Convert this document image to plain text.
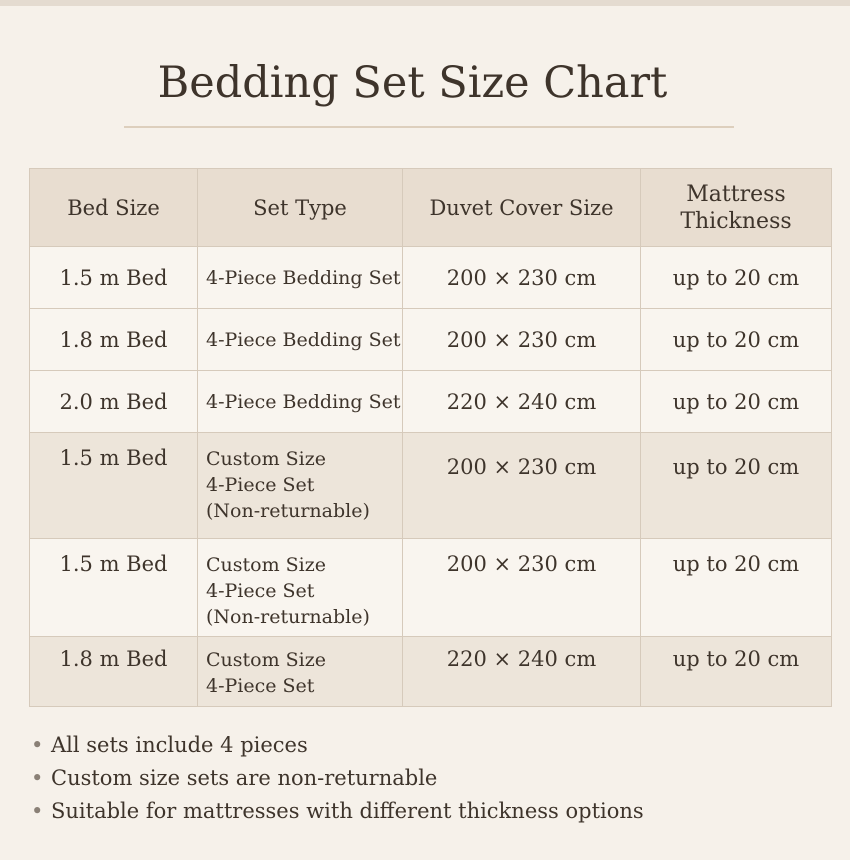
Bedding Set Size Chart
Bed Size	Set Type	Duvet Cover Size	Mattress
Thickness

1.5 m Bed	4-Piece Bedding Set	200 × 230 cm	up to 20 cm
1.8 m Bed	4-Piece Bedding Set	200 × 230 cm	up to 20 cm
2.0 m Bed	4-Piece Bedding Set	220 × 240 cm	up to 20 cm

1.5 m Bed	Custom Size
4-Piece Set
(Non-returnable)	200 × 230 cm	up to 20 cm

1.5 m Bed	Custom Size
4-Piece Set
(Non-returnable)	200 × 230 cm	up to 20 cm

1.8 m Bed	Custom Size
4-Piece Set	220 × 240 cm	up to 20 cm
• All sets include 4 pieces
• Custom size sets are non-returnable
• Suitable for mattresses with different thickness options
